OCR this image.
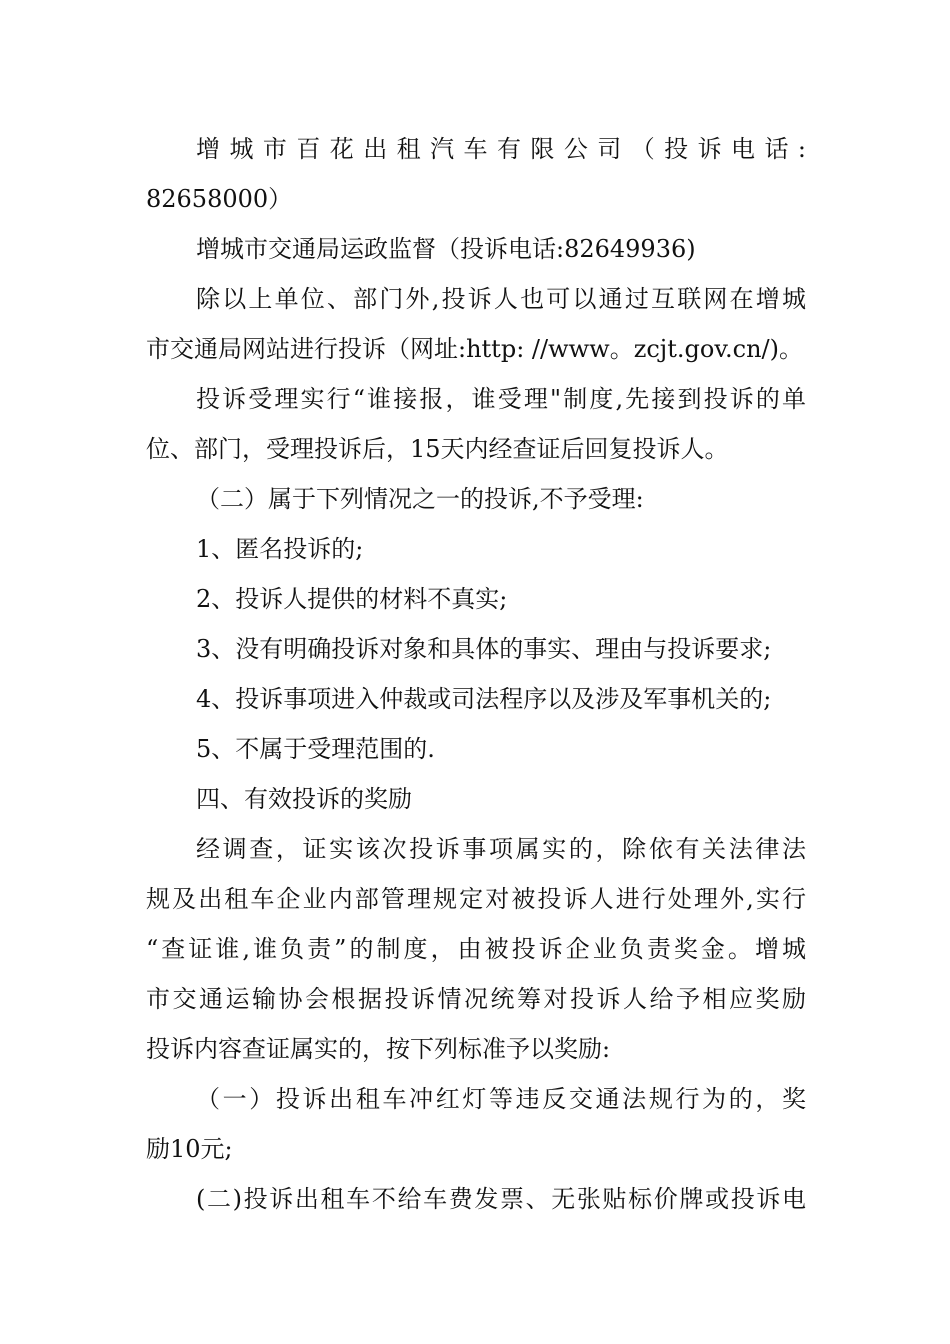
增城市百花出租汽车有限公司（投诉电话:

82658000）

增城市交通局运政监督（投诉电话:82649936)

除以上单位、部门外,投诉人也可以通过互联网在增城

市交通局网站进行投诉（网址:http: //www。zcjt.gov.cn/)。

投诉受理实行“谁接报，谁受理"制度,先接到投诉的单

位、部门，受理投诉后，15天内经查证后回复投诉人。

（二）属于下列情况之一的投诉,不予受理:

1、匿名投诉的;

2、投诉人提供的材料不真实;

3、没有明确投诉对象和具体的事实、理由与投诉要求;

4、投诉事项进入仲裁或司法程序以及涉及军事机关的;

5、不属于受理范围的.

四、有效投诉的奖励

经调查，证实该次投诉事项属实的，除依有关法律法

规及出租车企业内部管理规定对被投诉人进行处理外,实行

“查证谁,谁负责”的制度，由被投诉企业负责奖金。增城

市交通运输协会根据投诉情况统筹对投诉人给予相应奖励

投诉内容查证属实的，按下列标准予以奖励:

（一）投诉出租车冲红灯等违反交通法规行为的，奖

励10元;

(二)投诉出租车不给车费发票、无张贴标价牌或投诉电
